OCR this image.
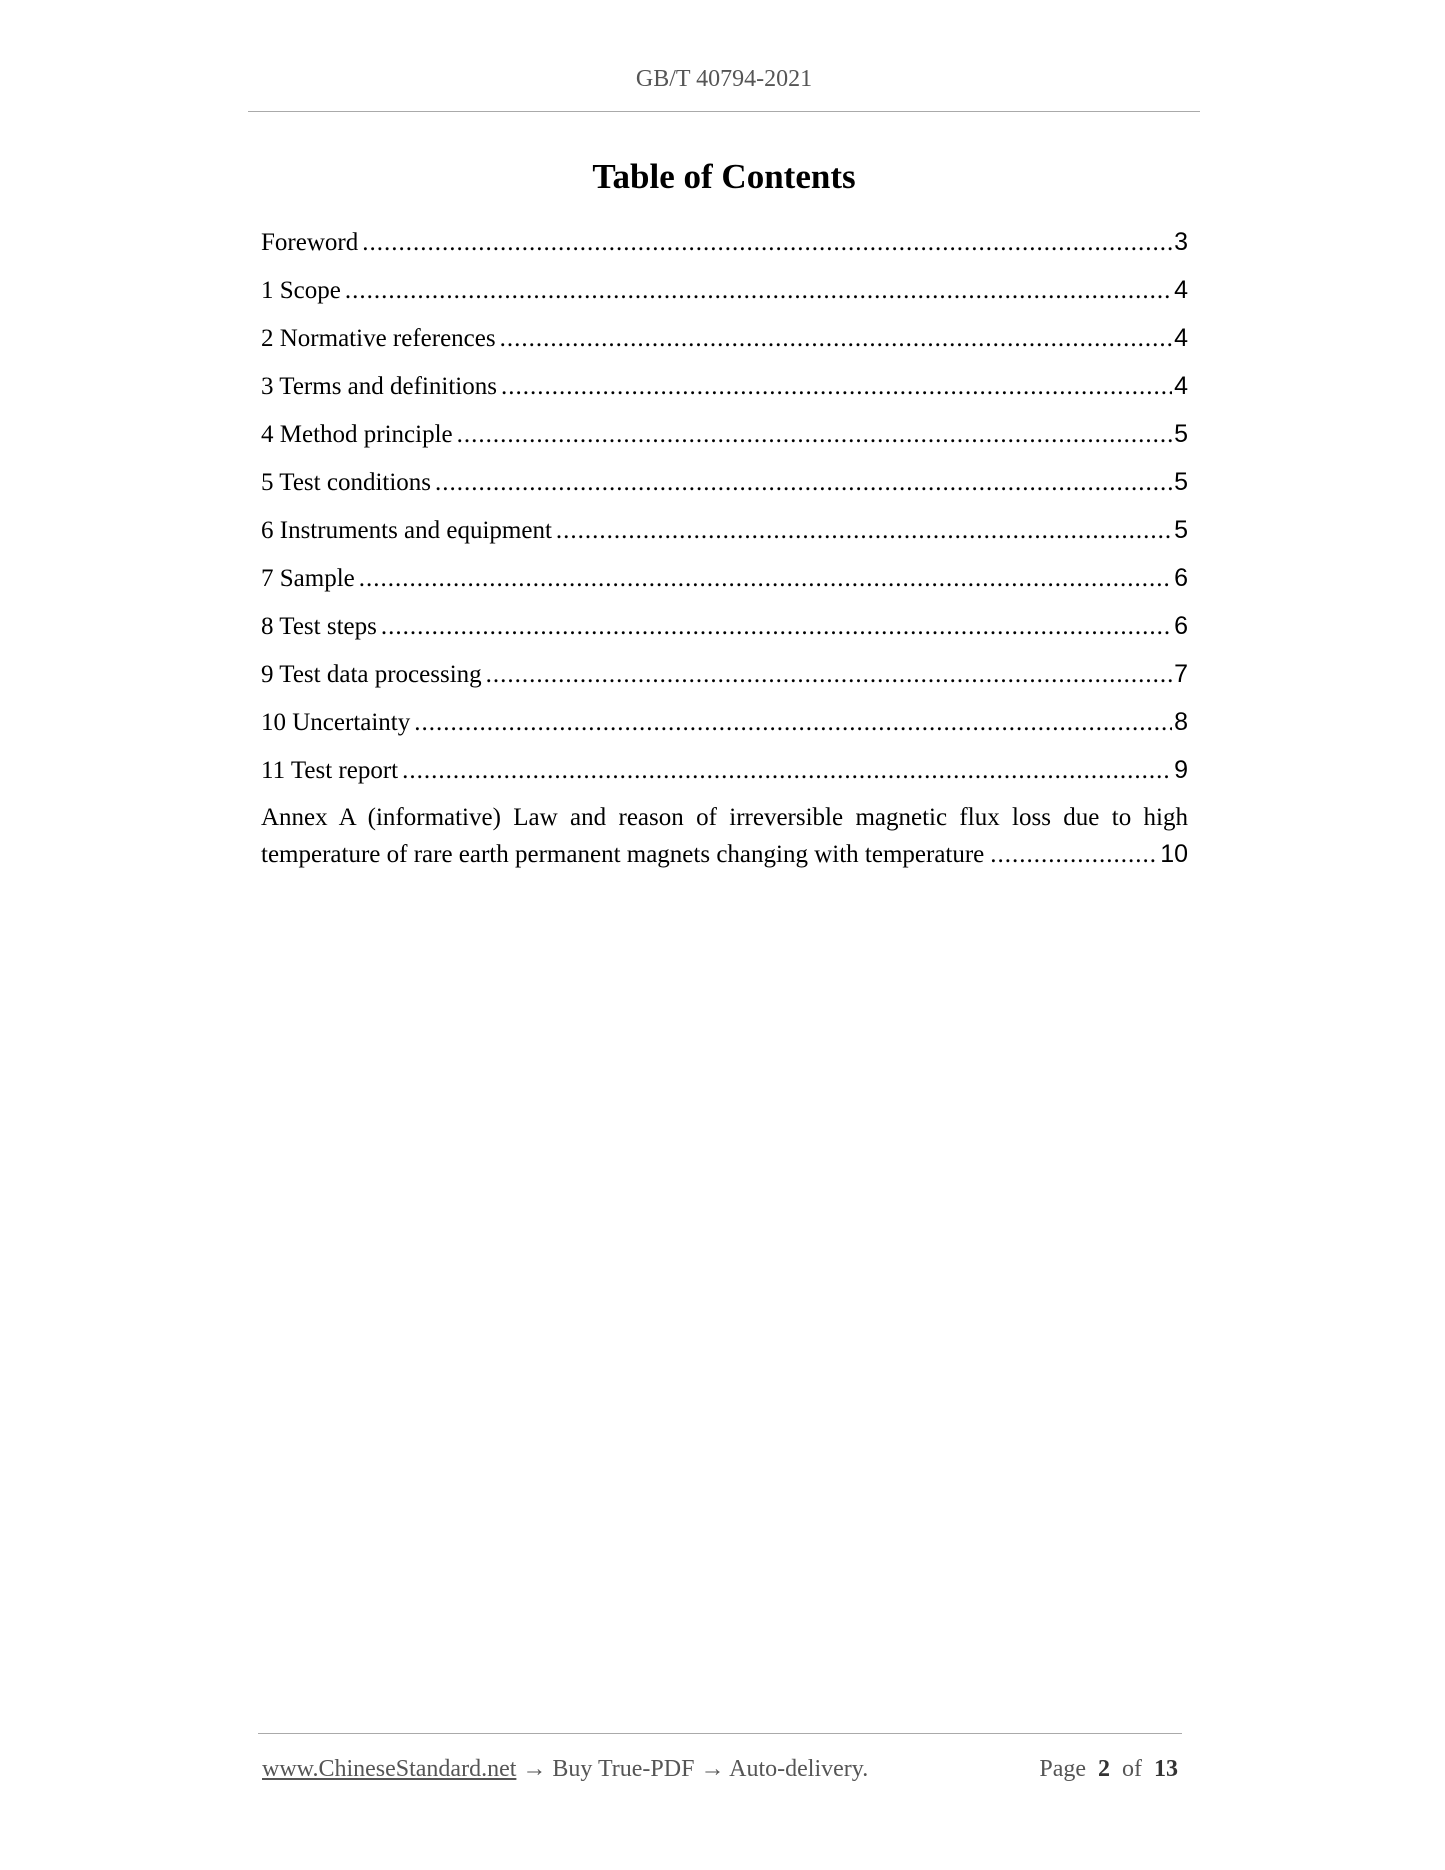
GB/T 40794-2021
Table of Contents
Foreword .....	3
1 Scope .....	4
2 Normative references .....	4
3 Terms and definitions .....	4
4 Method principle .....	5
5 Test conditions .....	5
6 Instruments and equipment .....	5
7 Sample .....	6
8 Test steps .....	6
9 Test data processing .....	7
10 Uncertainty .....	8
11 Test report .....	9
Annex A (informative) Law and reason of irreversible magnetic flux loss due to high
temperature of rare earth permanent magnets changing with temperature .....	10
www.ChineseStandard.net → Buy True-PDF → Auto-delivery.	Page 2 of 13
